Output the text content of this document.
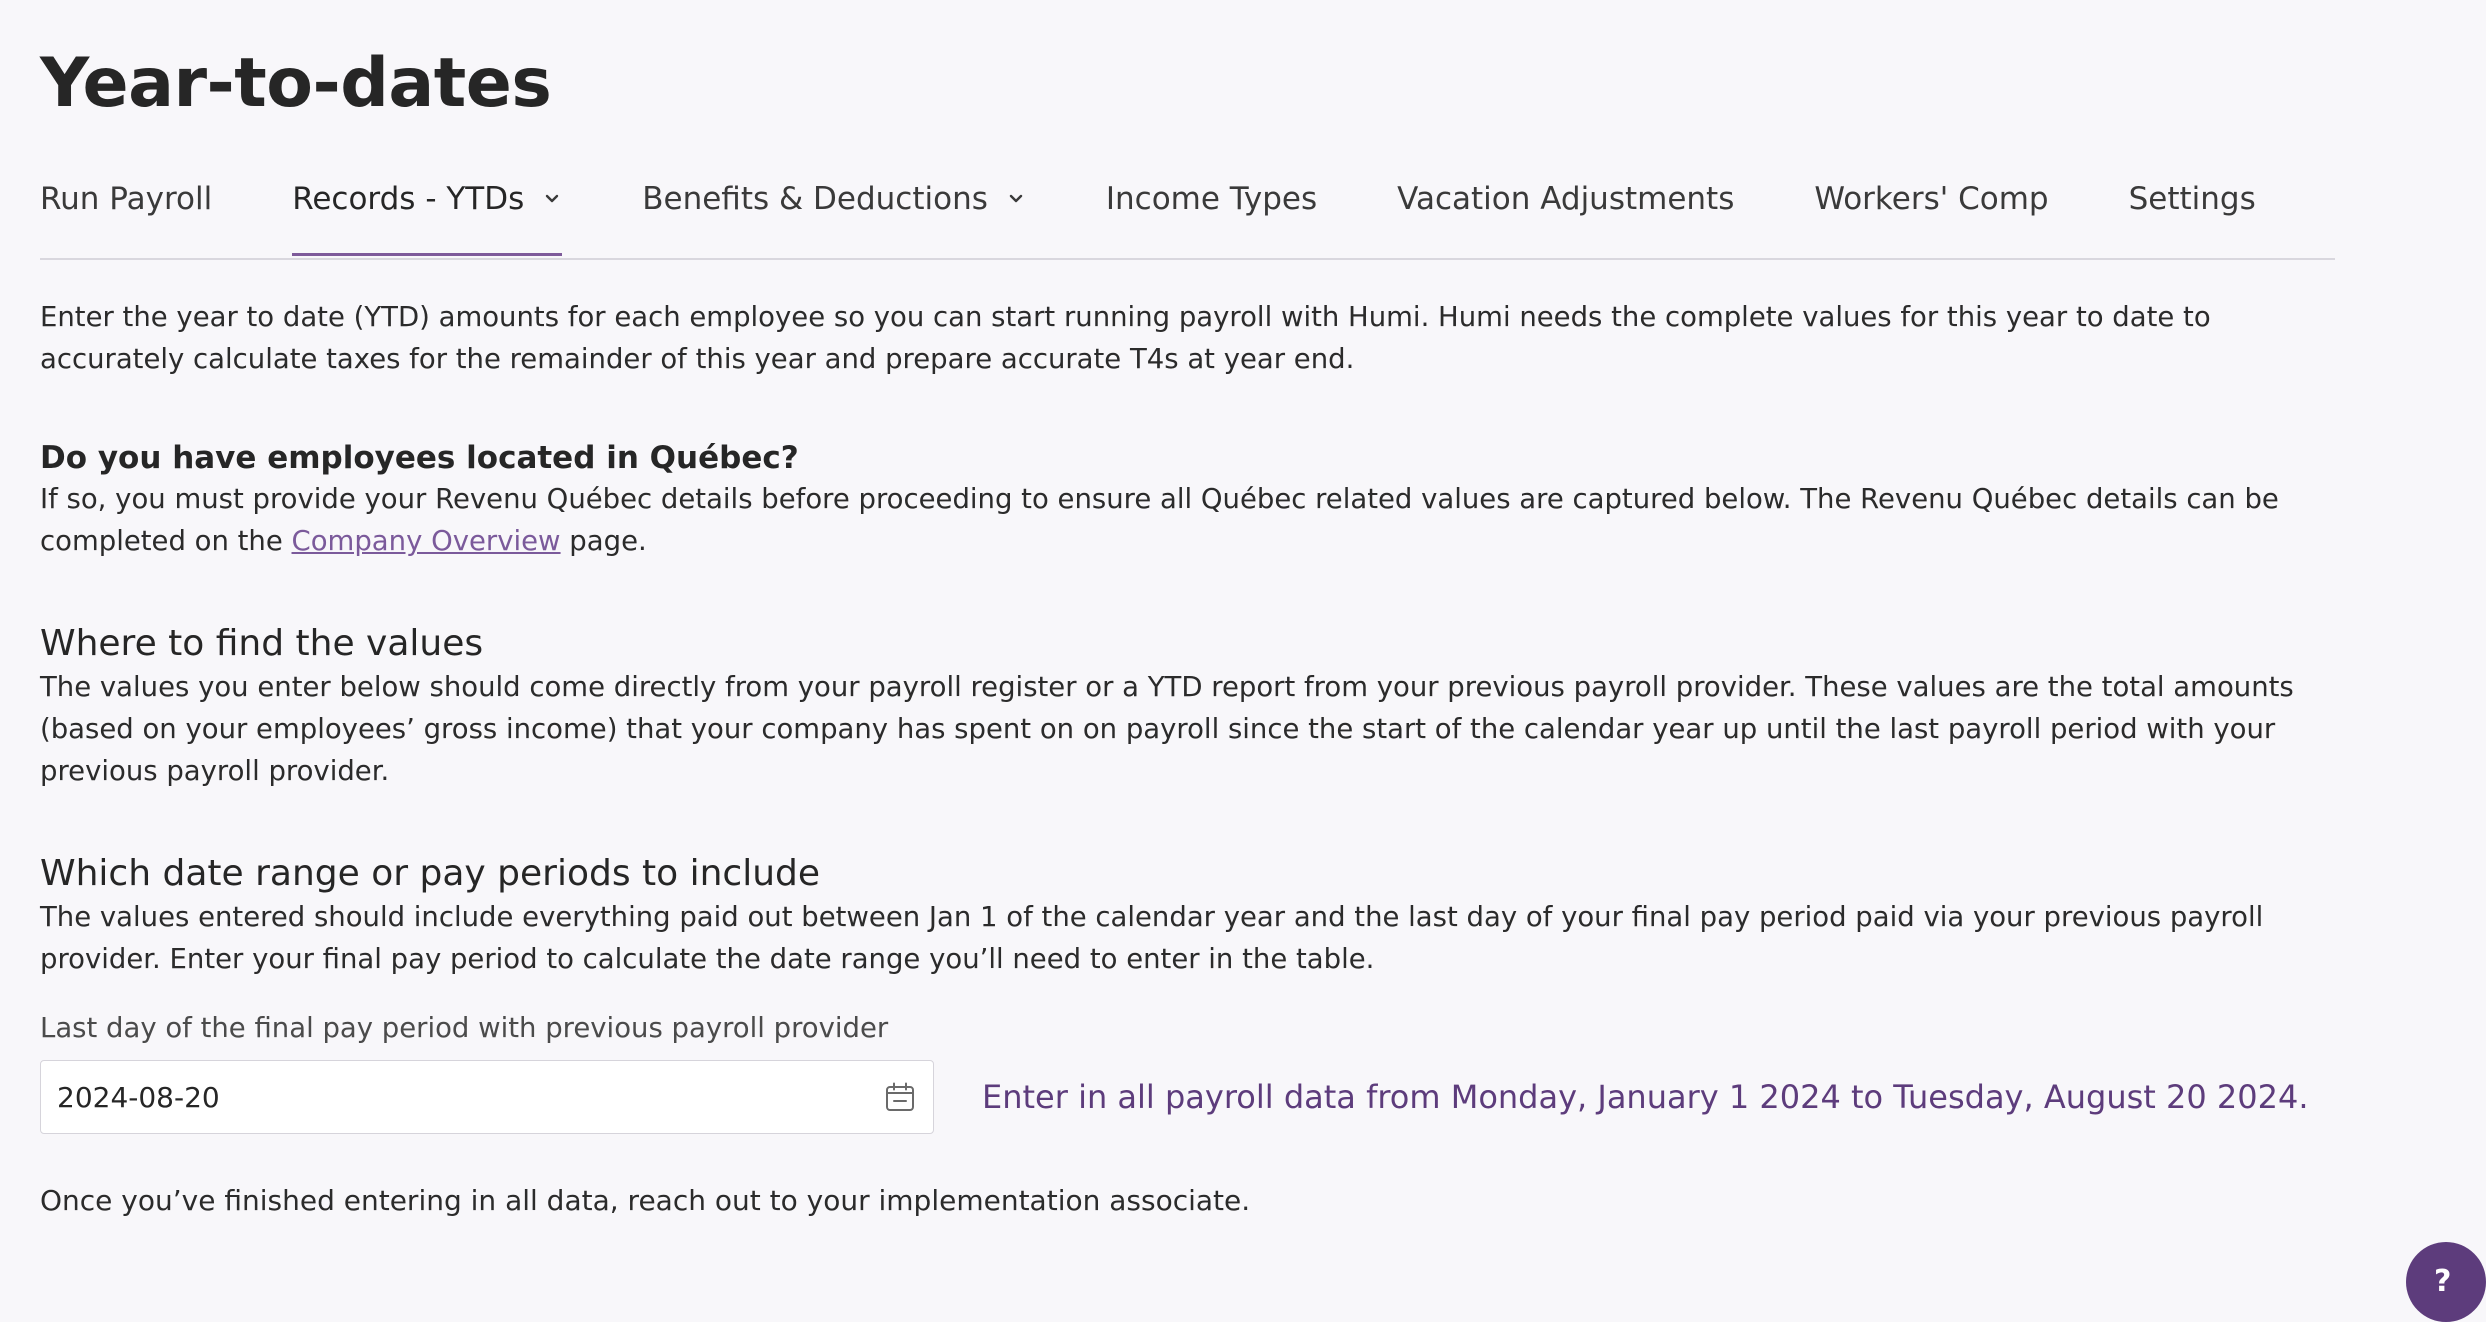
Year-to-dates
Run Payroll	Records - YTDs	Benefits & Deductions	Income Types	Vacation Adjustments	Workers' Comp	Settings

Enter the year to date (YTD) amounts for each employee so you can start running payroll with Humi. Humi needs the complete values for this year to date to accurately calculate taxes for the remainder of this year and prepare accurate T4s at year end.

Do you have employees located in Québec?

If so, you must provide your Revenu Québec details before proceeding to ensure all Québec related values are captured below. The Revenu Québec details can be completed on the Company Overview page.

Where to find the values

The values you enter below should come directly from your payroll register or a YTD report from your previous payroll provider. These values are the total amounts (based on your employees’ gross income) that your company has spent on on payroll since the start of the calendar year up until the last payroll period with your previous payroll provider.

Which date range or pay periods to include

The values entered should include everything paid out between Jan 1 of the calendar year and the last day of your final pay period paid via your previous payroll provider. Enter your final pay period to calculate the date range you’ll need to enter in the table.

Last day of the final pay period with previous payroll provider
2024-08-20	Enter in all payroll data from Monday, January 1 2024 to Tuesday, August 20 2024.
Once you’ve finished entering in all data, reach out to your implementation associate.
?
